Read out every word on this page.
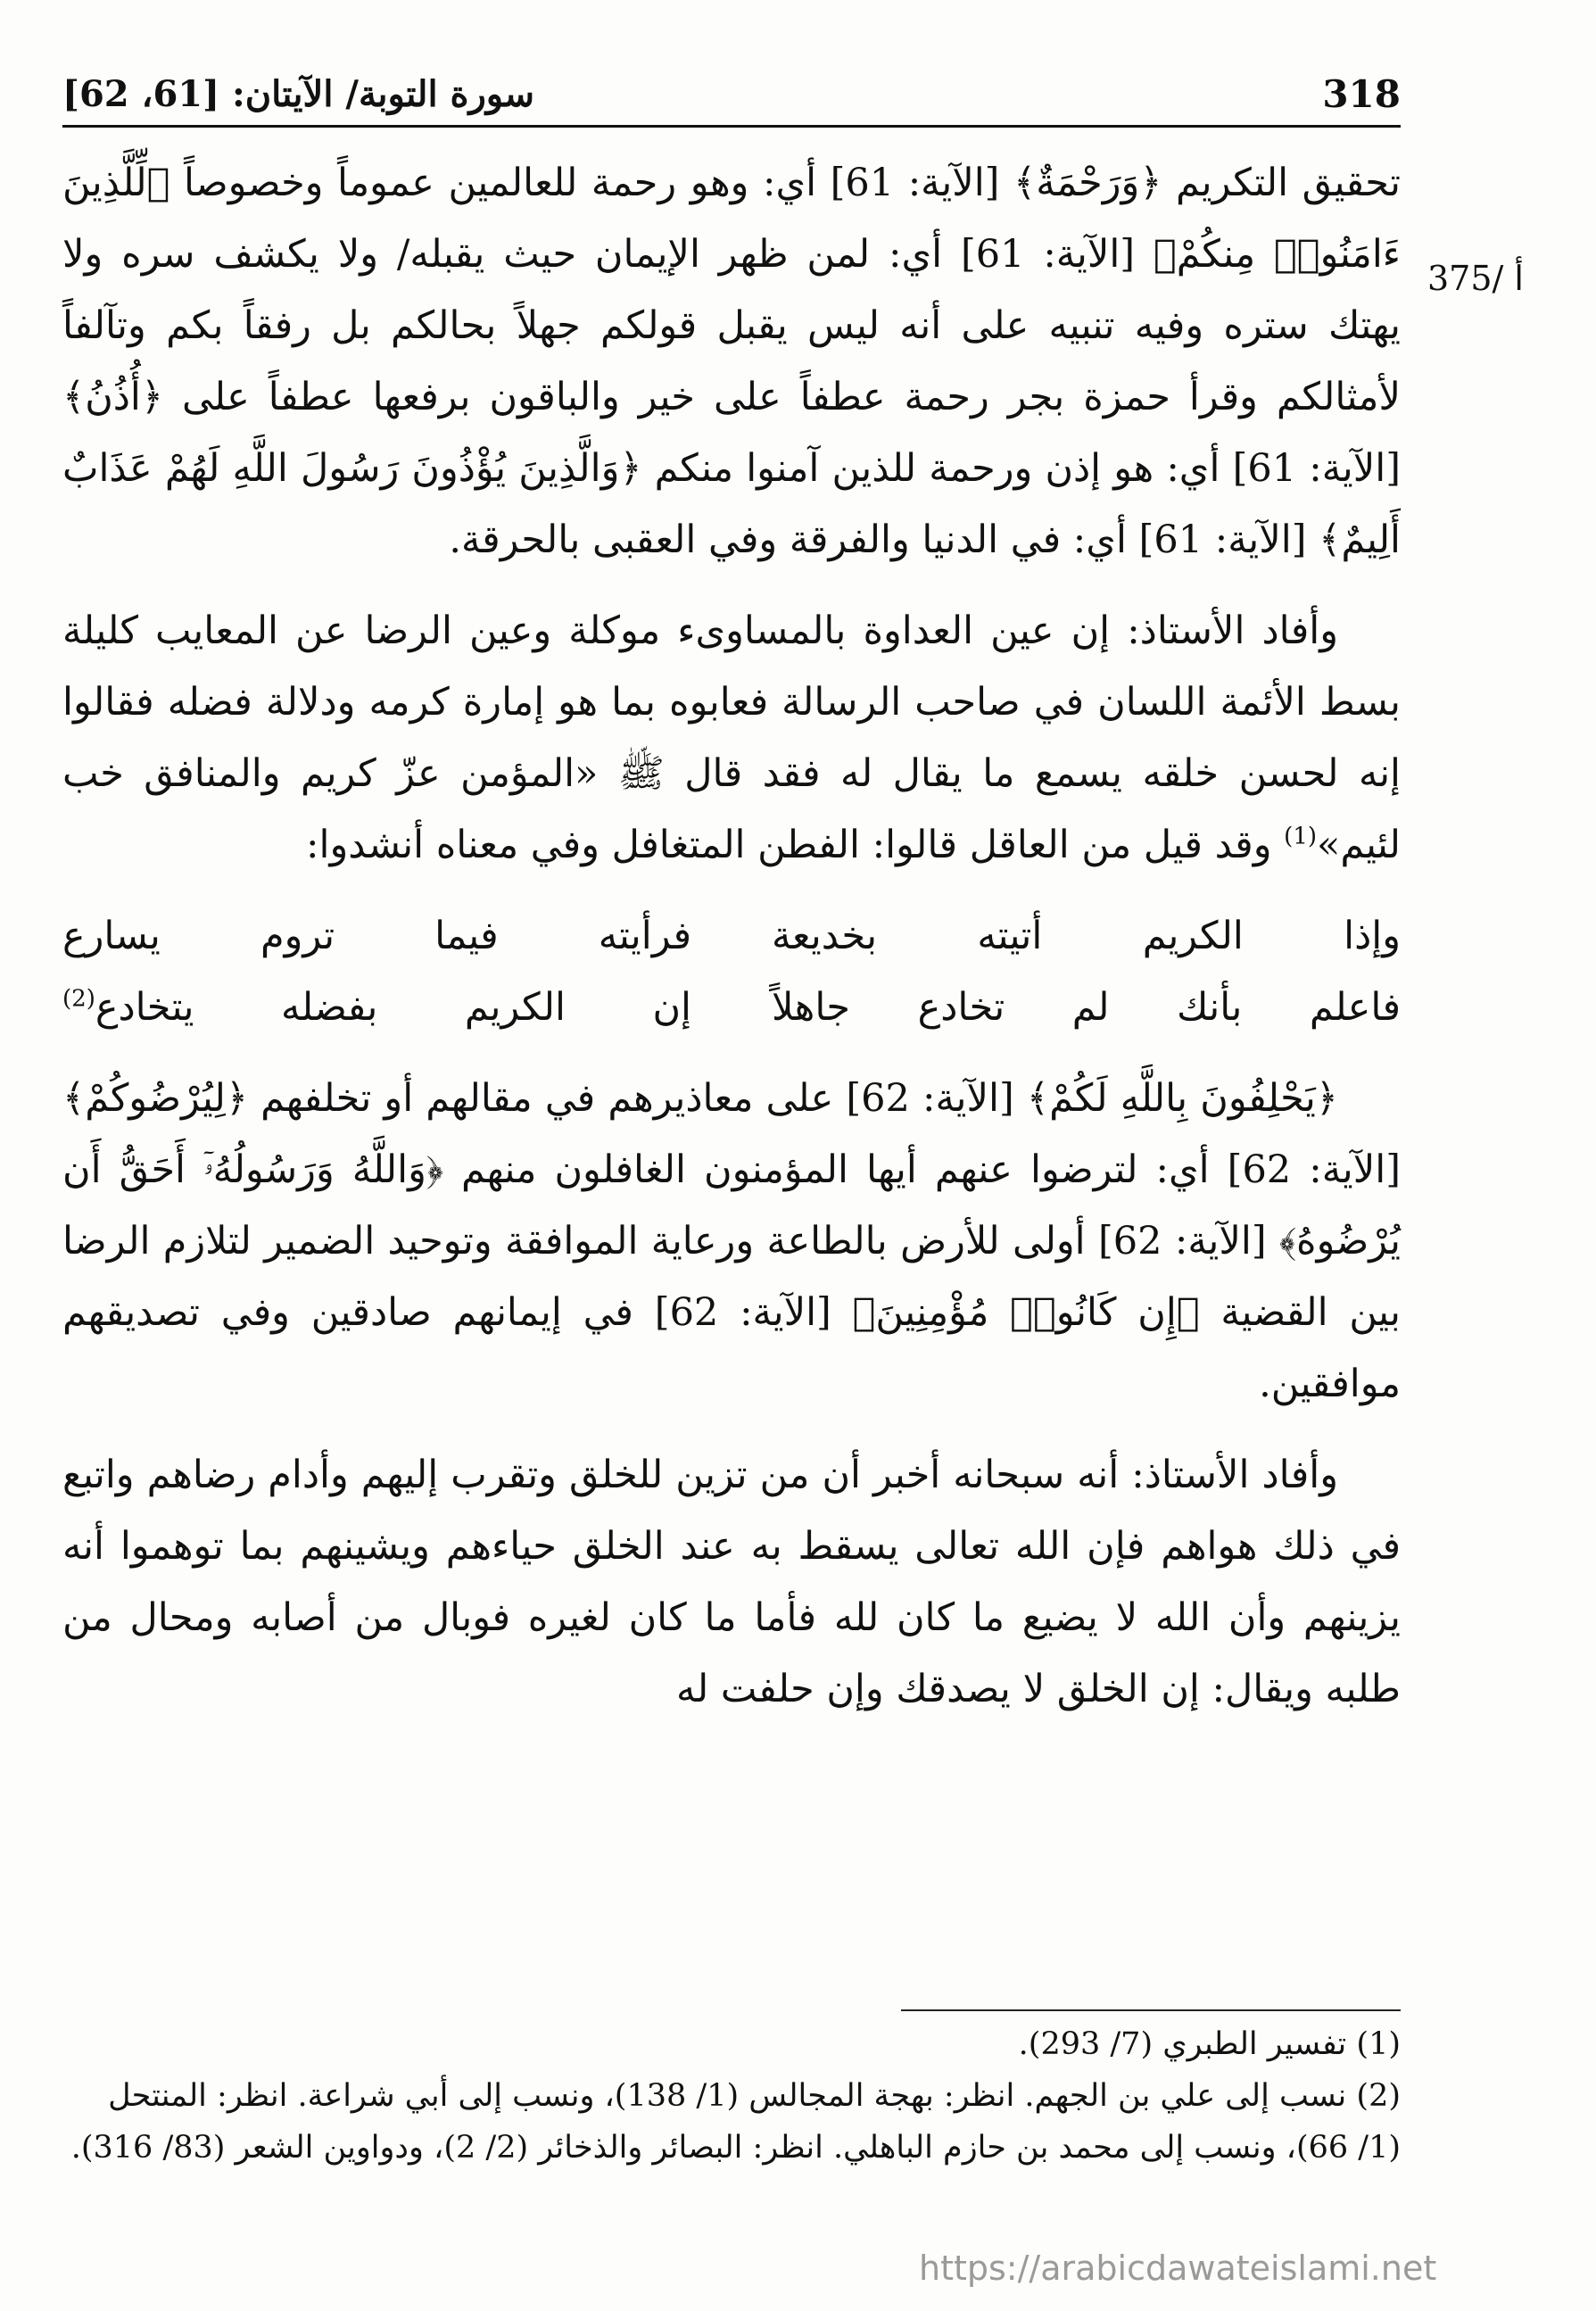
318
سورة التوبة/ الآيتان: [61، 62]
375/ أ

تحقيق التكريم ﴿وَرَحْمَةٌ﴾ [الآية: 61] أي: وهو رحمة للعالمين عموماً وخصوصاً ﴿لِّلَّذِينَ ءَامَنُوا۟ مِنكُمْ﴾ [الآية: 61] أي: لمن ظهر الإيمان حيث يقبله/ ولا يكشف سره ولا يهتك ستره وفيه تنبيه على أنه ليس يقبل قولكم جهلاً بحالكم بل رفقاً بكم وتآلفاً لأمثالكم وقرأ حمزة بجر رحمة عطفاً على خير والباقون برفعها عطفاً على ﴿أُذُنُ﴾ [الآية: 61] أي: هو إذن ورحمة للذين آمنوا منكم ﴿وَالَّذِينَ يُؤْذُونَ رَسُولَ اللَّهِ لَهُمْ عَذَابٌ أَلِيمٌ﴾ [الآية: 61] أي: في الدنيا والفرقة وفي العقبى بالحرقة.

وأفاد الأستاذ: إن عين العداوة بالمساوىء موكلة وعين الرضا عن المعايب كليلة بسط الأئمة اللسان في صاحب الرسالة فعابوه بما هو إمارة كرمه ودلالة فضله فقالوا إنه لحسن خلقه يسمع ما يقال له فقد قال ﷺ «المؤمن عزّ كريم والمنافق خب لئيم»$^{(1)}$ وقد قيل من العاقل قالوا: الفطن المتغافل وفي معناه أنشدوا:

وإذا الكريم أتيته بخديعة
فرأيته فيما تروم يسارع
فاعلم بأنك لم تخادع جاهلاً
إن الكريم بفضله يتخادع$^{(2)}$

﴿يَحْلِفُونَ بِاللَّهِ لَكُمْ﴾ [الآية: 62] على معاذيرهم في مقالهم أو تخلفهم ﴿لِيُرْضُوكُمْ﴾ [الآية: 62] أي: لترضوا عنهم أيها المؤمنون الغافلون منهم ﴿وَاللَّهُ وَرَسُولُهُۥٓ أَحَقُّ أَن يُرْضُوهُ﴾ [الآية: 62] أولى للأرض بالطاعة ورعاية الموافقة وتوحيد الضمير لتلازم الرضا بين القضية ﴿إِن كَانُوا۟ مُؤْمِنِينَ﴾ [الآية: 62] في إيمانهم صادقين وفي تصديقهم موافقين.

وأفاد الأستاذ: أنه سبحانه أخبر أن من تزين للخلق وتقرب إليهم وأدام رضاهم واتبع في ذلك هواهم فإن الله تعالى يسقط به عند الخلق حياءهم ويشينهم بما توهموا أنه يزينهم وأن الله لا يضيع ما كان لله فأما ما كان لغيره فوبال من أصابه ومحال من طلبه ويقال: إن الخلق لا يصدقك وإن حلفت له

(1) تفسير الطبري (7/ 293).

(2) نسب إلى علي بن الجهم. انظر: بهجة المجالس (1/ 138)، ونسب إلى أبي شراعة. انظر: المنتحل (1/ 66)، ونسب إلى محمد بن حازم الباهلي. انظر: البصائر والذخائر (2/ 2)، ودواوين الشعر (83/ 316).

https://arabicdawateislami.net
